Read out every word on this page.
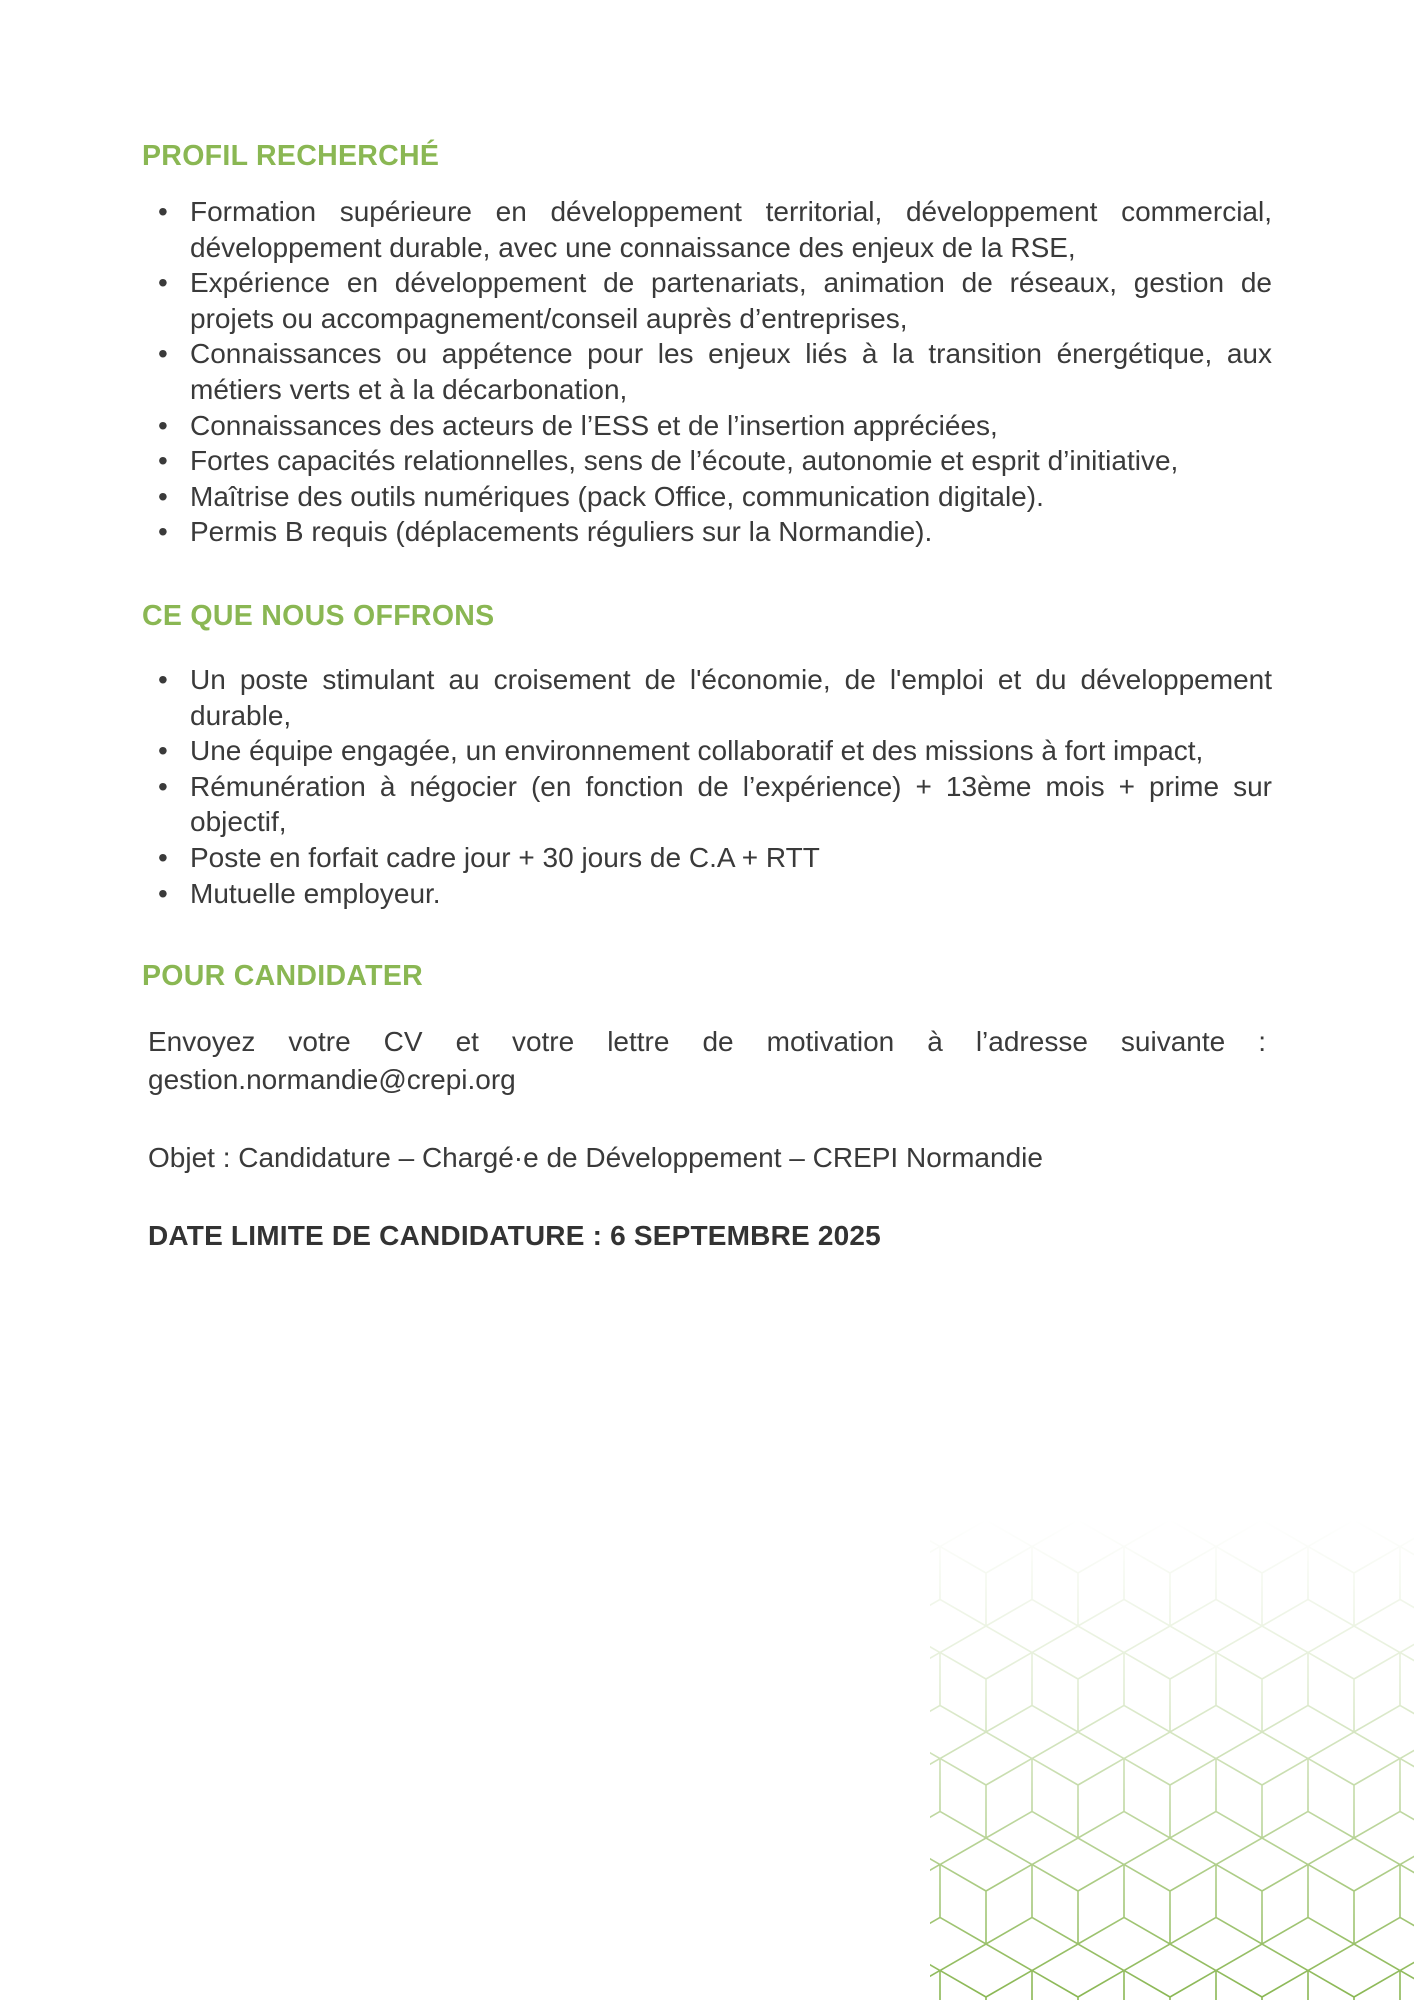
PROFIL RECHERCHÉ
• Formation supérieure en développement territorial, développement commercial, développement durable, avec une connaissance des enjeux de la RSE,
• Expérience en développement de partenariats, animation de réseaux, gestion de projets ou accompagnement/conseil auprès d’entreprises,
• Connaissances ou appétence pour les enjeux liés à la transition énergétique, aux métiers verts et à la décarbonation,
• Connaissances des acteurs de l’ESS et de l’insertion appréciées,
• Fortes capacités relationnelles, sens de l’écoute, autonomie et esprit d’initiative,
• Maîtrise des outils numériques (pack Office, communication digitale).
• Permis B requis (déplacements réguliers sur la Normandie).
CE QUE NOUS OFFRONS
• Un poste stimulant au croisement de l'économie, de l'emploi et du développement durable,
• Une équipe engagée, un environnement collaboratif et des missions à fort impact,
• Rémunération à négocier (en fonction de l’expérience) + 13ème mois + prime sur objectif,
• Poste en forfait cadre jour + 30 jours de C.A + RTT
• Mutuelle employeur.
POUR CANDIDATER

Envoyez votre CV et votre lettre de motivation à l’adresse suivante : gestion.normandie@crepi.org

Objet : Candidature – Chargé·e de Développement – CREPI Normandie

DATE LIMITE DE CANDIDATURE : 6 SEPTEMBRE 2025
